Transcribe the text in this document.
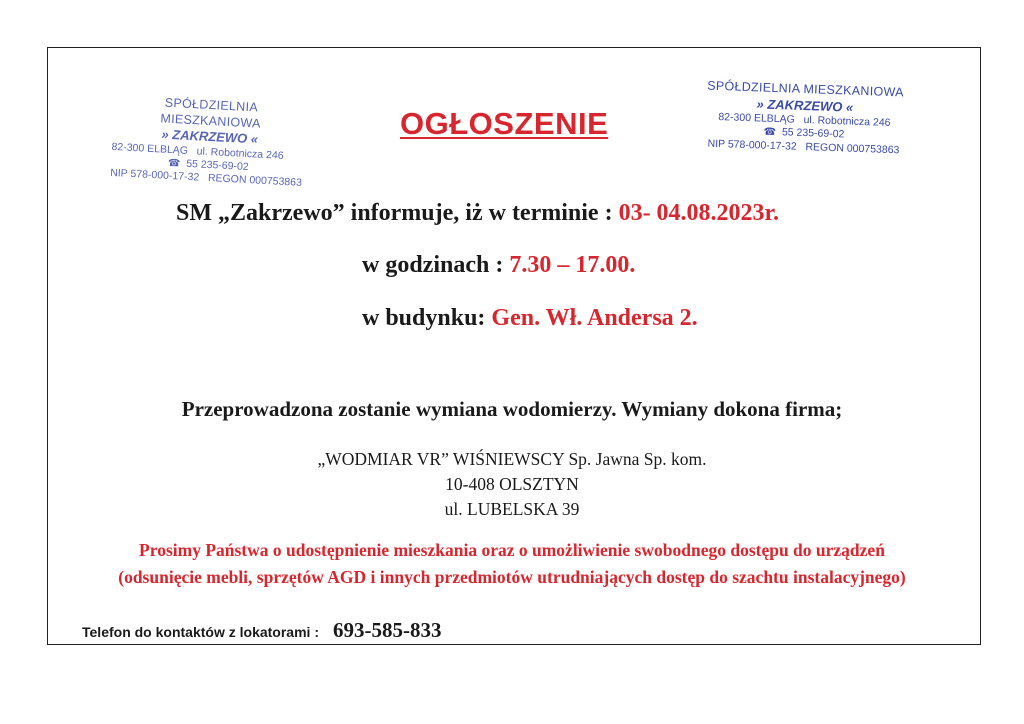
SPÓŁDZIELNIA MIESZKANIOWA
» ZAKRZEWO «
82-300 ELBLĄG ul. Robotnicza 246
☎ 55 235-69-02
NIP 578-000-17-32 REGON 000753863
SPÓŁDZIELNIA MIESZKANIOWA
» ZAKRZEWO «
82-300 ELBLĄG ul. Robotnicza 246
☎ 55 235-69-02
NIP 578-000-17-32 REGON 000753863
OGŁOSZENIE
SM „Zakrzewo” informuje, iż w terminie : 03- 04.08.2023r.
w godzinach : 7.30 – 17.00.
w budynku: Gen. Wł. Andersa 2.
Przeprowadzona zostanie wymiana wodomierzy. Wymiany dokona firma;
„WODMIAR VR” WIŚNIEWSCY Sp. Jawna Sp. kom.
10-408 OLSZTYN
ul. LUBELSKA 39
Prosimy Państwa o udostępnienie mieszkania oraz o umożliwienie swobodnego dostępu do urządzeń
(odsunięcie mebli, sprzętów AGD i innych przedmiotów utrudniających dostęp do szachtu instalacyjnego)
Telefon do kontaktów z lokatorami : 693-585-833
